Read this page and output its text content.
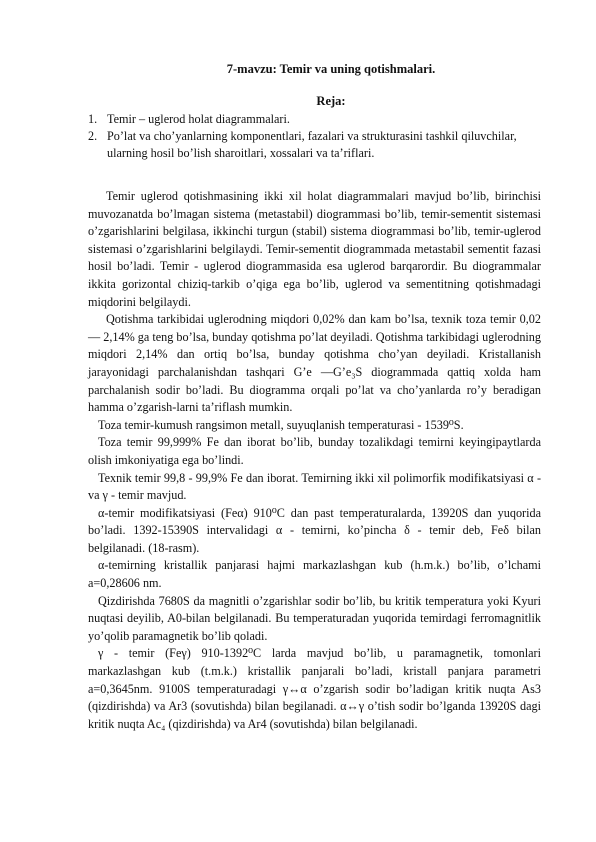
7-mavzu: Temir va uning qotishmalari.
Reja:
1. Temir – uglerod holat diagrammalari.
2. Po’lat va cho’yanlarning komponentlari, fazalari va strukturasini tashkil qiluvchilar, ularning hosil bo’lish sharoitlari, xossalari va ta’riflari.

Temir uglerod qotishmasining ikki xil holat diagrammalari mavjud bo’lib, birinchisi muvozanatda bo’lmagan sistema (metastabil) diogrammasi bo’lib, temir-sementit sistemasi o’zgarishlarini belgilasa, ikkinchi turgun (stabil) sistema diogrammasi bo’lib, temir-uglerod sistemasi o’zgarishlarini belgilaydi. Temir-sementit diogrammada metastabil sementit fazasi hosil bo’ladi. Temir - uglerod diogrammasida esa uglerod barqarordir. Bu diogrammalar ikkita gorizontal chiziq-tarkib o’qiga ega bo’lib, uglerod va sementitning qotishmadagi miqdorini belgilaydi.

Qotishma tarkibidai uglerodning miqdori 0,02% dan kam bo’lsa, texnik toza temir 0,02— 2,14% ga teng bo’lsa, bunday qotishma po’lat deyiladi. Qotishma tarkibidagi uglerodning miqdori 2,14% dan ortiq bo’lsa, bunday qotishma cho’yan deyiladi. Kristallanish jarayonidagi parchalanishdan tashqari G’e —G’e₃S diogrammada qattiq xolda ham parchalanish sodir bo’ladi. Bu diogramma orqali po’lat va cho’yanlarda ro’y beradigan hamma o’zgarish-larni ta’riflash mumkin.

Toza temir-kumush rangsimon metall, suyuqlanish temperaturasi - 1539⁰S.

Toza temir 99,999% Fe dan iborat bo’lib, bunday tozalikdagi temirni keyingipaytlarda olish imkoniyatiga ega bo’lindi.

Texnik temir 99,8 - 99,9% Fe dan iborat. Temirning ikki xil polimorfik modifikatsiyasi α - va γ - temir mavjud.

α-temir modifikatsiyasi (Feα) 910⁰C dan past temperaturalarda, 13920S dan yuqorida bo’ladi. 1392-15390S intervalidagi α - temirni, ko’pincha δ - temir deb, Feδ bilan belgilanadi. (18-rasm).

α-temirning kristallik panjarasi hajmi markazlashgan kub (h.m.k.) bo’lib, o’lchami a=0,28606 nm.

Qizdirishda 7680S da magnitli o’zgarishlar sodir bo’lib, bu kritik temperatura yoki Kyuri nuqtasi deyilib, A0-bilan belgilanadi. Bu temperaturadan yuqorida temirdagi ferromagnitlik yo’qolib paramagnetik bo’lib qoladi.

γ - temir (Feγ) 910-1392⁰C larda mavjud bo’lib, u paramagnetik, tomonlari markazlashgan kub (t.m.k.) kristallik panjarali bo’ladi, kristall panjara parametri a=0,3645nm. 9100S temperaturadagi γ↔α o’zgarish sodir bo’ladigan kritik nuqta As3 (qizdirishda) va Ar3 (sovutishda) bilan begilanadi. α↔γ o’tish sodir bo’lganda 13920S dagi kritik nuqta Ac₄ (qizdirishda) va Ar4 (sovutishda) bilan belgilanadi.
